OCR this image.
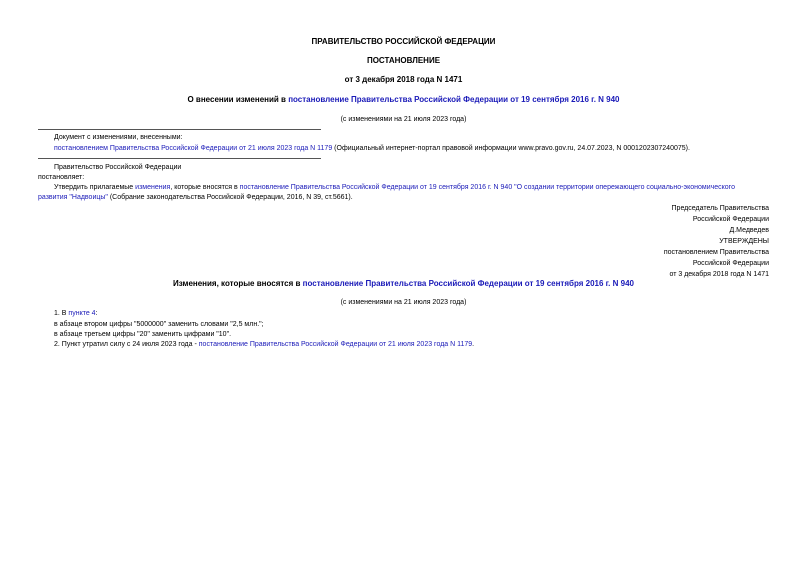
ПРАВИТЕЛЬСТВО РОССИЙСКОЙ ФЕДЕРАЦИИ
ПОСТАНОВЛЕНИЕ
от 3 декабря 2018 года N 1471
О внесении изменений в постановление Правительства Российской Федерации от 19 сентября 2016 г. N 940
(с изменениями на 21 июля 2023 года)
Документ с изменениями, внесенными:
постановлением Правительства Российской Федерации от 21 июля 2023 года N 1179 (Официальный интернет-портал правовой информации www.pravo.gov.ru, 24.07.2023, N 0001202307240075).
Правительство Российской Федерации
постановляет:
Утвердить прилагаемые изменения, которые вносятся в постановление Правительства Российской Федерации от 19 сентября 2016 г. N 940 "О создании территории опережающего социально-экономического
развития "Надвоицы" (Собрание законодательства Российской Федерации, 2016, N 39, ст.5661).
Председатель Правительства
Российской Федерации
Д.Медведев
УТВЕРЖДЕНЫ
постановлением Правительства
Российской Федерации
от 3 декабря 2018 года N 1471
Изменения, которые вносятся в постановление Правительства Российской Федерации от 19 сентября 2016 г. N 940
(с изменениями на 21 июля 2023 года)
1. В пункте 4:
в абзаце втором цифры "5000000" заменить словами "2,5 млн.";
в абзаце третьем цифры "20" заменить цифрами "10".
2. Пункт утратил силу с 24 июля 2023 года - постановление Правительства Российской Федерации от 21 июля 2023 года N 1179.
